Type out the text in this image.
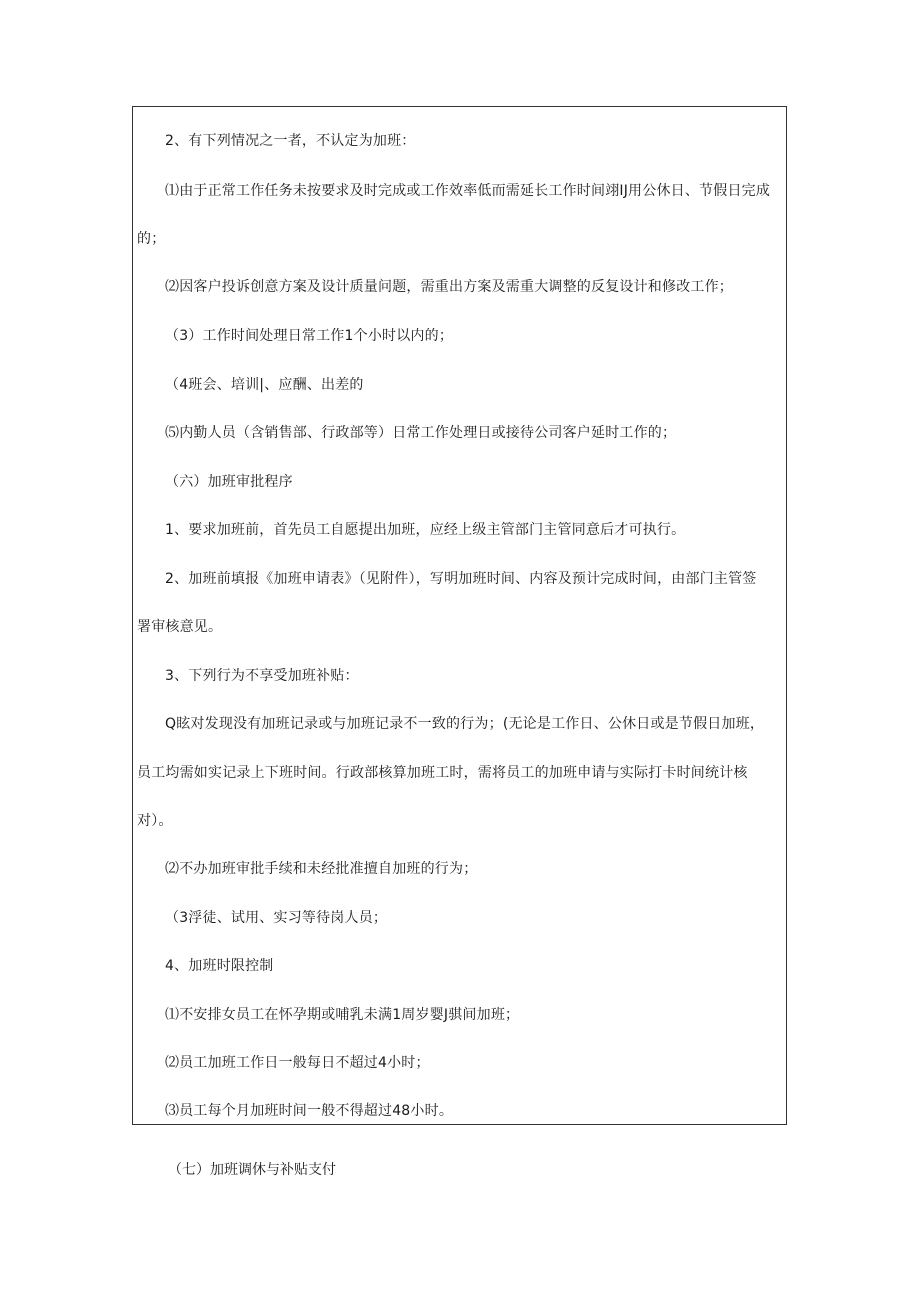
2、有下列情况之一者，不认定为加班：
⑴由于正常工作任务未按要求及时完成或工作效率低而需延长工作时间翊IJ用公休日、节假日完成
的；
⑵因客户投诉创意方案及设计质量问题，需重出方案及需重大调整的反复设计和修改工作；
（3）工作时间处理日常工作1个小时以内的；
（4班会、培训|、应酬、出差的
⑸内勤人员（含销售部、行政部等）日常工作处理日或接待公司客户延时工作的；
（六）加班审批程序
1、要求加班前，首先员工自愿提出加班，应经上级主管部门主管同意后才可执行。
2、加班前填报《加班申请表》（见附件），写明加班时间、内容及预计完成时间，由部门主管签
署审核意见。
3、下列行为不享受加班补贴：
Q眩对发现没有加班记录或与加班记录不一致的行为；(无论是工作日、公休日或是节假日加班，
员工均需如实记录上下班时间。行政部核算加班工时，需将员工的加班申请与实际打卡时间统计核
对）。
⑵不办加班审批手续和未经批准擅自加班的行为；
（3浮徒、试用、实习等待岗人员；
4、加班时限控制
⑴不安排女员工在怀孕期或哺乳未满1周岁婴J骐间加班；
⑵员工加班工作日一般每日不超过4小时；
⑶员工每个月加班时间一般不得超过48小时。
（七）加班调休与补贴支付
